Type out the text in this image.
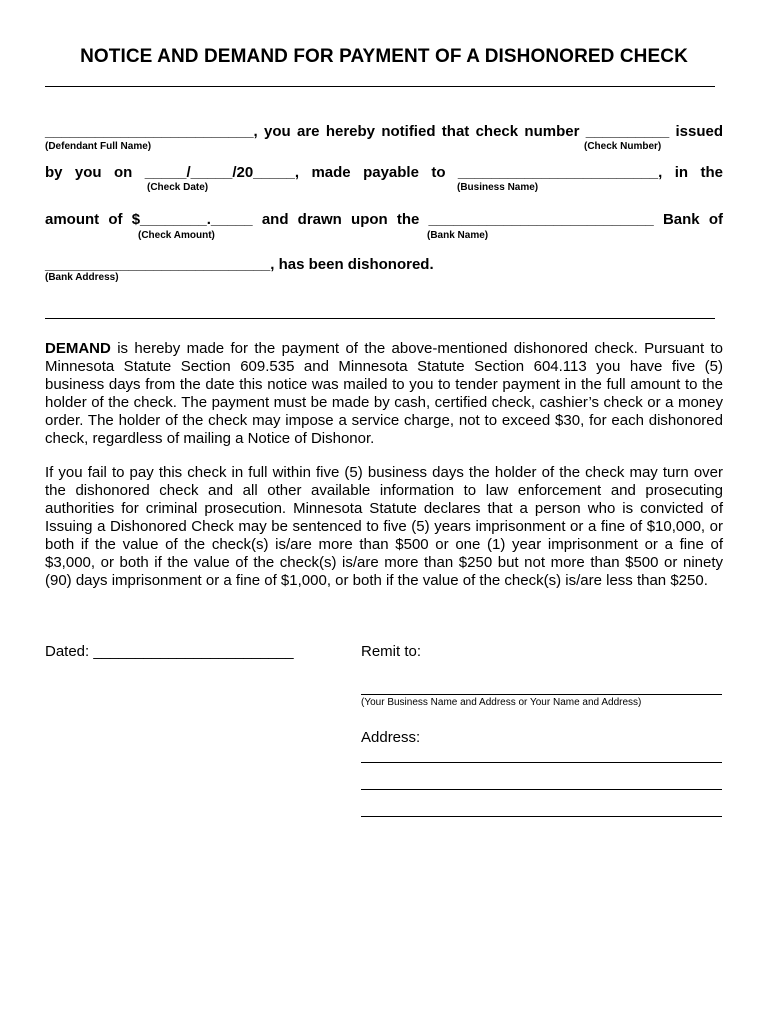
NOTICE AND DEMAND FOR PAYMENT OF A DISHONORED CHECK
_________________________, you are hereby notified that check number __________ issued
(Defendant Full Name)	(Check Number)
by you on _____/_____/20_____, made payable to ________________________, in the
(Check Date)	(Business Name)
amount of $________._____ and drawn upon the ___________________________ Bank of
(Check Amount)	(Bank Name)
___________________________, has been dishonored.
(Bank Address)
DEMAND is hereby made for the payment of the above-mentioned dishonored check. Pursuant to
Minnesota Statute Section 609.535 and Minnesota Statute Section 604.113 you have five (5)
business days from the date this notice was mailed to you to tender payment in the full amount to the
holder of the check. The payment must be made by cash, certified check, cashier’s check or a money
order. The holder of the check may impose a service charge, not to exceed $30, for each dishonored
check, regardless of mailing a Notice of Dishonor.
If you fail to pay this check in full within five (5) business days the holder of the check may turn over
the dishonored check and all other available information to law enforcement and prosecuting
authorities for criminal prosecution. Minnesota Statute declares that a person who is convicted of
Issuing a Dishonored Check may be sentenced to five (5) years imprisonment or a fine of $10,000, or
both if the value of the check(s) is/are more than $500 or one (1) year imprisonment or a fine of
$3,000, or both if the value of the check(s) is/are more than $250 but not more than $500 or ninety
(90) days imprisonment or a fine of $1,000, or both if the value of the check(s) is/are less than $250.
Dated: ________________________	Remit to:
(Your Business Name and Address or Your Name and Address)
Address:
